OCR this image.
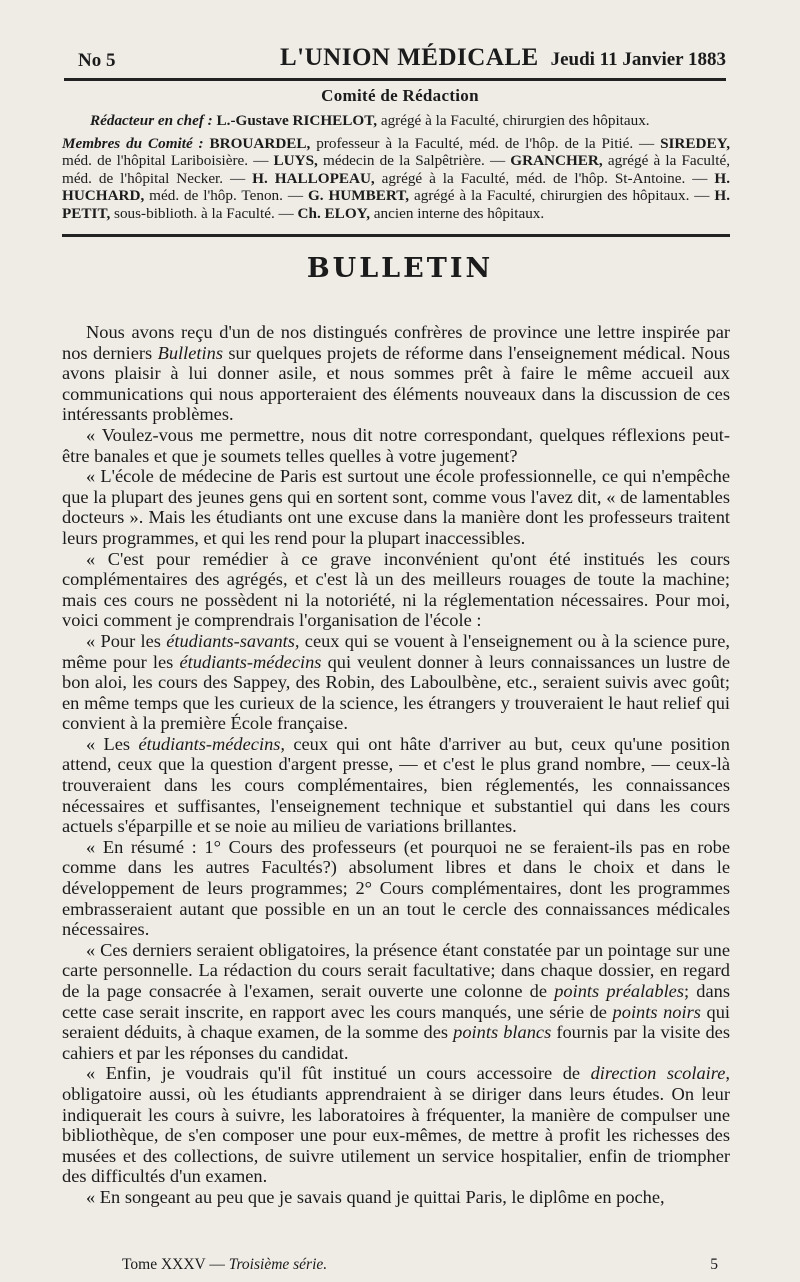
No 5	L'UNION MÉDICALE Jeudi 11 Janvier 1883
Comité de Rédaction

Rédacteur en chef : L.-Gustave RICHELOT, agrégé à la Faculté, chirurgien des hôpitaux.

Membres du Comité : BROUARDEL, professeur à la Faculté, méd. de l'hôp. de la Pitié. — SIREDEY, méd. de l'hôpital Lariboisière. — LUYS, médecin de la Salpêtrière. — GRANCHER, agrégé à la Faculté, méd. de l'hôpital Necker. — H. HALLOPEAU, agrégé à la Faculté, méd. de l'hôp. St-Antoine. — H. HUCHARD, méd. de l'hôp. Tenon. — G. HUMBERT, agrégé à la Faculté, chirurgien des hôpitaux. — H. PETIT, sous-biblioth. à la Faculté. — Ch. ELOY, ancien interne des hôpitaux.

BULLETIN

Nous avons reçu d'un de nos distingués confrères de province une lettre inspirée par nos derniers Bulletins sur quelques projets de réforme dans l'enseignement médical. Nous avons plaisir à lui donner asile, et nous sommes prêt à faire le même accueil aux communications qui nous apporteraient des éléments nouveaux dans la discussion de ces intéressants problèmes.

« Voulez-vous me permettre, nous dit notre correspondant, quelques réflexions peut-être banales et que je soumets telles quelles à votre jugement?

« L'école de médecine de Paris est surtout une école professionnelle, ce qui n'empêche que la plupart des jeunes gens qui en sortent sont, comme vous l'avez dit, « de lamentables docteurs ». Mais les étudiants ont une excuse dans la manière dont les professeurs traitent leurs programmes, et qui les rend pour la plupart inaccessibles.

« C'est pour remédier à ce grave inconvénient qu'ont été institués les cours complémentaires des agrégés, et c'est là un des meilleurs rouages de toute la machine; mais ces cours ne possèdent ni la notoriété, ni la réglementation nécessaires. Pour moi, voici comment je comprendrais l'organisation de l'école :

« Pour les étudiants-savants, ceux qui se vouent à l'enseignement ou à la science pure, même pour les étudiants-médecins qui veulent donner à leurs connaissances un lustre de bon aloi, les cours des Sappey, des Robin, des Laboulbène, etc., seraient suivis avec goût; en même temps que les curieux de la science, les étrangers y trouveraient le haut relief qui convient à la première École française.

« Les étudiants-médecins, ceux qui ont hâte d'arriver au but, ceux qu'une position attend, ceux que la question d'argent presse, — et c'est le plus grand nombre, — ceux-là trouveraient dans les cours complémentaires, bien réglementés, les connaissances nécessaires et suffisantes, l'enseignement technique et substantiel qui dans les cours actuels s'éparpille et se noie au milieu de variations brillantes.

« En résumé : 1° Cours des professeurs (et pourquoi ne se feraient-ils pas en robe comme dans les autres Facultés?) absolument libres et dans le choix et dans le développement de leurs programmes; 2° Cours complémentaires, dont les programmes embrasseraient autant que possible en un an tout le cercle des connaissances médicales nécessaires.

« Ces derniers seraient obligatoires, la présence étant constatée par un pointage sur une carte personnelle. La rédaction du cours serait facultative; dans chaque dossier, en regard de la page consacrée à l'examen, serait ouverte une colonne de points préalables; dans cette case serait inscrite, en rapport avec les cours manqués, une série de points noirs qui seraient déduits, à chaque examen, de la somme des points blancs fournis par la visite des cahiers et par les réponses du candidat.

« Enfin, je voudrais qu'il fût institué un cours accessoire de direction scolaire, obligatoire aussi, où les étudiants apprendraient à se diriger dans leurs études. On leur indiquerait les cours à suivre, les laboratoires à fréquenter, la manière de compulser une bibliothèque, de s'en composer une pour eux-mêmes, de mettre à profit les richesses des musées et des collections, de suivre utilement un service hospitalier, enfin de triompher des difficultés d'un examen.

« En songeant au peu que je savais quand je quittai Paris, le diplôme en poche,

Tome XXXV — Troisième série.	5
